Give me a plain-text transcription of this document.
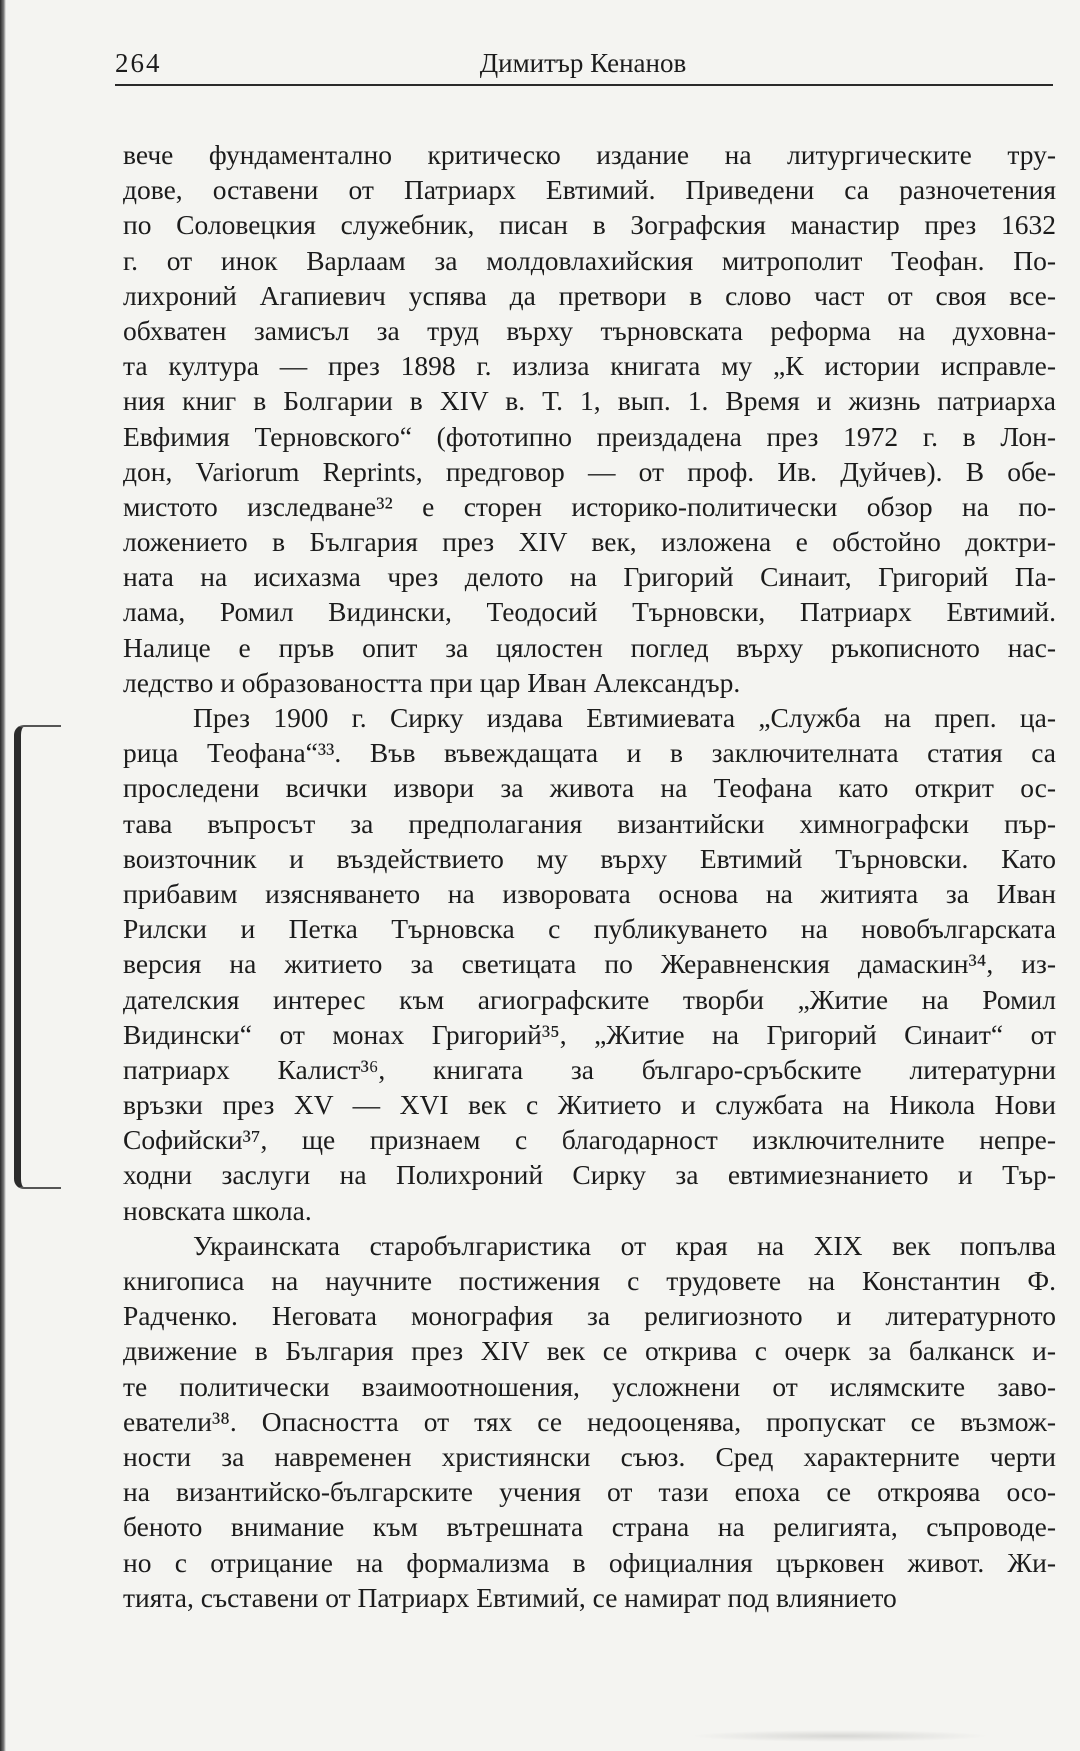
264	Димитър Кенанов

вече фундаментално критическо издание на литургическите тру-
дове, оставени от Патриарх Евтимий. Приведени са разночетения
по Соловецкия служебник, писан в Зографския манастир през 1632
г. от инок Варлаам за молдовлахийския митрополит Теофан. По-
лихроний Агапиевич успява да претвори в слово част от своя все-
обхватен замисъл за труд върху търновската реформа на духовна-
та култура — през 1898 г. излиза книгата му „К истории исправле-
ния книг в Болгарии в XIV в. Т. 1, вып. 1. Время и жизнь патриарха
Евфимия Терновского“ (фототипно преиздадена през 1972 г. в Лон-
дон, Variorum Reprints, предговор — от проф. Ив. Дуйчев). В обе-
мистото изследване³² е сторен историко-политически обзор на по-
ложението в България през XIV век, изложена е обстойно доктри-
ната на исихазма чрез делото на Григорий Синаит, Григорий Па-
лама, Ромил Видински, Теодосий Търновски, Патриарх Евтимий.
Налице е пръв опит за цялостен поглед върху ръкописното нас-
ледство и образоваността при цар Иван Александър.

През 1900 г. Сирку издава Евтимиевата „Служба на преп. ца-
рица Теофана“³³. Във въвеждащата и в заключителната статия са
проследени всички извори за живота на Теофана като открит ос-
тава въпросът за предполагания византийски химнографски пър-
воизточник и въздействието му върху Евтимий Търновски. Като
прибавим изясняването на изворовата основа на житията за Иван
Рилски и Петка Търновска с публикуването на новобългарската
версия на житието за светицата по Жеравненския дамаскин³⁴, из-
дателския интерес към агиографските творби „Житие на Ромил
Видински“ от монах Григорий³⁵, „Житие на Григорий Синаит“ от
патриарх Калист³⁶, книгата за българо-сръбските литературни
връзки през XV — XVI век с Житието и службата на Никола Нови
Софийски³⁷, ще признаем с благодарност изключителните непре-
ходни заслуги на Полихроний Сирку за евтимиезнанието и Тър-
новската школа.

Украинската старобългаристика от края на XIX век попълва
книгописа на научните постижения с трудовете на Константин Ф.
Радченко. Неговата монография за религиозното и литературното
движение в България през XIV век се открива с очерк за балканск и-
те политически взаимоотношения, усложнени от ислямските заво-
еватели³⁸. Опасността от тях се недооценява, пропускат се възмож-
ности за навременен християнски съюз. Сред характерните черти
на византийско-българските учения от тази епоха се откроява осо-
беното внимание към вътрешната страна на религията, съпроводе-
но с отрицание на формализма в официалния църковен живот. Жи-
тията, съставени от Патриарх Евтимий, се намират под влиянието
